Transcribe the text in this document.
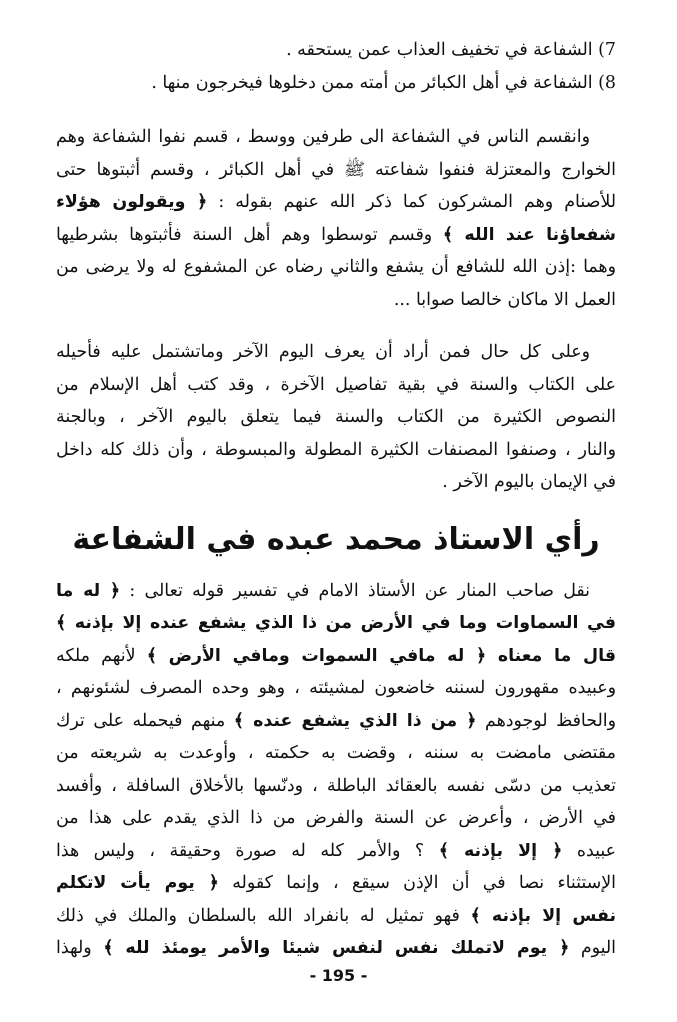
7) الشفاعة في تخفيف العذاب عمن يستحقه .
8) الشفاعة في أهل الكبائر من أمته ممن دخلوها فيخرجون منها .
وانقسم الناس في الشفاعة الى طرفين ووسط ، قسم نفوا الشفاعة وهم
الخوارج والمعتزلة فنفوا شفاعته ﷺ في أهل الكبائر ، وقسم أثبتوها حتى
للأصنام وهم المشركون كما ذكر الله عنهم بقوله : ﴿ ويقولون هؤلاء
شفعاؤنا عند الله ﴾ وقسم توسطوا وهم أهل السنة فأثبتوها بشرطيها
وهما :إذن الله للشافع أن يشفع والثاني رضاه عن المشفوع له ولا يرضى من
العمل الا ماكان خالصا صوابا ...
وعلى كل حال فمن أراد أن يعرف اليوم الآخر وماتشتمل عليه فأحيله
على الكتاب والسنة في بقية تفاصيل الآخرة ، وقد كتب أهل الإسلام من
النصوص الكثيرة من الكتاب والسنة فيما يتعلق باليوم الآخر ، وبالجنة
والنار ، وصنفوا المصنفات الكثيرة المطولة والمبسوطة ، وأن ذلك كله داخل
في الإيمان باليوم الآخر .
رأي الاستاذ محمد عبده في الشفاعة
نقل صاحب المنار عن الأستاذ الامام في تفسير قوله تعالى : ﴿ له ما
في السماوات وما في الأرض من ذا الذي يشفع عنده إلا بإذنه ﴾
قال ما معناه ﴿ له مافي السموات ومافي الأرض ﴾ لأنهم ملكه
وعبيده مقهورون لسننه خاضعون لمشيئته ، وهو وحده المصرف لشئونهم ،
والحافظ لوجودهم ﴿ من ذا الذي يشفع عنده ﴾ منهم فيحمله على ترك
مقتضى مامضت به سننه ، وقضت به حكمته ، وأوعدت به شريعته من
تعذيب من دسّى نفسه بالعقائد الباطلة ، ودنّسها بالأخلاق السافلة ، وأفسد
في الأرض ، وأعرض عن السنة والفرض من ذا الذي يقدم على هذا من
عبيده ﴿ إلا بإذنه ﴾ ؟ والأمر كله له صورة وحقيقة ، وليس هذا
الإستثناء نصا في أن الإذن سيقع ، وإنما كقوله ﴿ يوم يأت لاتكلم
نفس إلا بإذنه ﴾ فهو تمثيل له بانفراد الله بالسلطان والملك في ذلك
اليوم ﴿ يوم لاتملك نفس لنفس شيئا والأمر يومئذ لله ﴾ ولهذا
- 195 -
